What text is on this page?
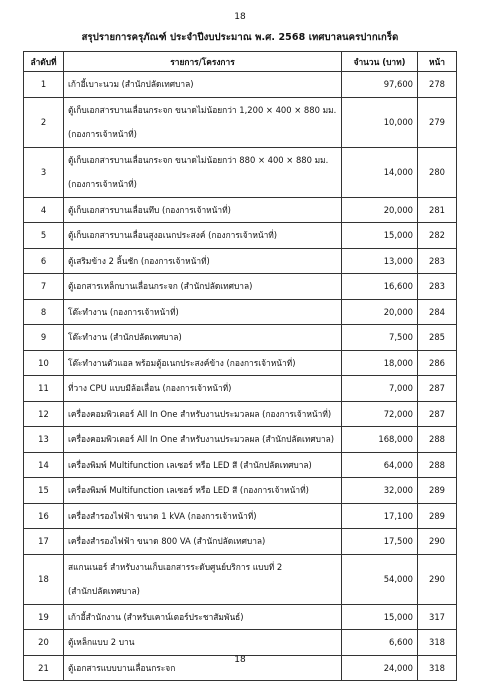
18
สรุปรายการครุภัณฑ์ ประจำปีงบประมาณ พ.ศ. 2568 เทศบาลนครปากเกร็ด
ลำดับที่	รายการ/โครงการ	จำนวน (บาท)	หน้า
1	เก้าอี้เบาะนวม (สำนักปลัดเทศบาล)	97,600	278
2	ตู้เก็บเอกสารบานเลื่อนกระจก ขนาดไม่น้อยกว่า 1,200 × 400 × 880 มม.
(กองการเจ้าหน้าที่)	10,000	279
3	ตู้เก็บเอกสารบานเลื่อนกระจก ขนาดไม่น้อยกว่า 880 × 400 × 880 มม.
(กองการเจ้าหน้าที่)	14,000	280
4	ตู้เก็บเอกสารบานเลื่อนทึบ (กองการเจ้าหน้าที่)	20,000	281
5	ตู้เก็บเอกสารบานเลื่อนสูงอเนกประสงค์ (กองการเจ้าหน้าที่)	15,000	282
6	ตู้เสริมข้าง 2 ลิ้นชัก (กองการเจ้าหน้าที่)	13,000	283
7	ตู้เอกสารเหล็กบานเลื่อนกระจก (สำนักปลัดเทศบาล)	16,600	283
8	โต๊ะทำงาน (กองการเจ้าหน้าที่)	20,000	284
9	โต๊ะทำงาน (สำนักปลัดเทศบาล)	7,500	285
10	โต๊ะทำงานตัวแอล พร้อมตู้อเนกประสงค์ข้าง (กองการเจ้าหน้าที่)	18,000	286
11	ที่วาง CPU แบบมีล้อเลื่อน (กองการเจ้าหน้าที่)	7,000	287
12	เครื่องคอมพิวเตอร์ All In One สำหรับงานประมวลผล (กองการเจ้าหน้าที่)	72,000	287
13	เครื่องคอมพิวเตอร์ All In One สำหรับงานประมวลผล (สำนักปลัดเทศบาล)	168,000	288
14	เครื่องพิมพ์ Multifunction เลเซอร์ หรือ LED สี (สำนักปลัดเทศบาล)	64,000	288
15	เครื่องพิมพ์ Multifunction เลเซอร์ หรือ LED สี (กองการเจ้าหน้าที่)	32,000	289
16	เครื่องสำรองไฟฟ้า ขนาด 1 kVA (กองการเจ้าหน้าที่)	17,100	289
17	เครื่องสำรองไฟฟ้า ขนาด 800 VA (สำนักปลัดเทศบาล)	17,500	290
18	สแกนเนอร์ สำหรับงานเก็บเอกสารระดับศูนย์บริการ แบบที่ 2
(สำนักปลัดเทศบาล)	54,000	290
19	เก้าอี้สำนักงาน (สำหรับเคาน์เตอร์ประชาสัมพันธ์)	15,000	317
20	ตู้เหล็กแบบ 2 บาน	6,600	318
21	ตู้เอกสารแบบบานเลื่อนกระจก	24,000	318
18
